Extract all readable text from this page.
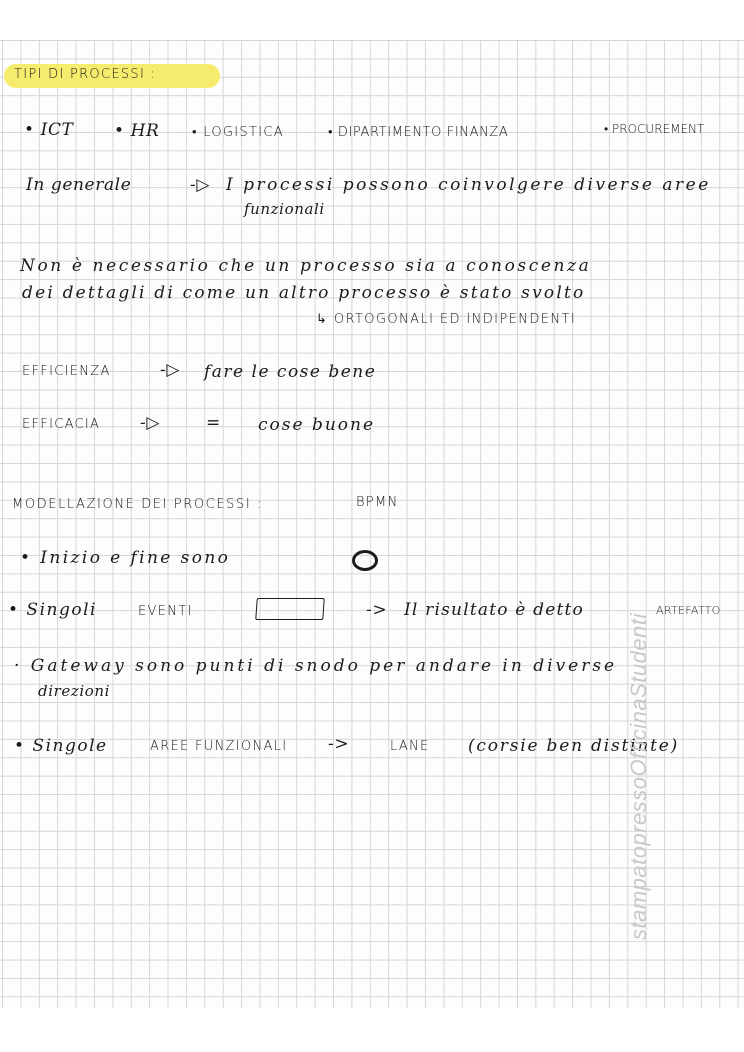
TIPI DI PROCESSI :
• ICT • HR	• LOGISTICA	• DIPARTIMENTO FINANZA	• PROCUREMENT
In generale	-▷ I processi possono coinvolgere diverse aree
funzionali
Non è necessario che un processo sia a conoscenza
dei dettagli di come un altro processo è stato svolto
↳ ORTOGONALI ED INDIPENDENTI
EFFICIENZA	-▷ fare le cose bene
EFFICACIA -▷	= cose buone
MODELLAZIONE DEI PROCESSI :	BPMN
• Inizio e fine sono
• Singoli	EVENTI	-> Il risultato è detto	ARTEFATTO
· Gateway sono punti di snodo per andare in diverse
direzioni
• Singole	AREE FUNZIONALI ->	LANE (corsie ben distinte)
stampatopressoOfficinaStudenti
